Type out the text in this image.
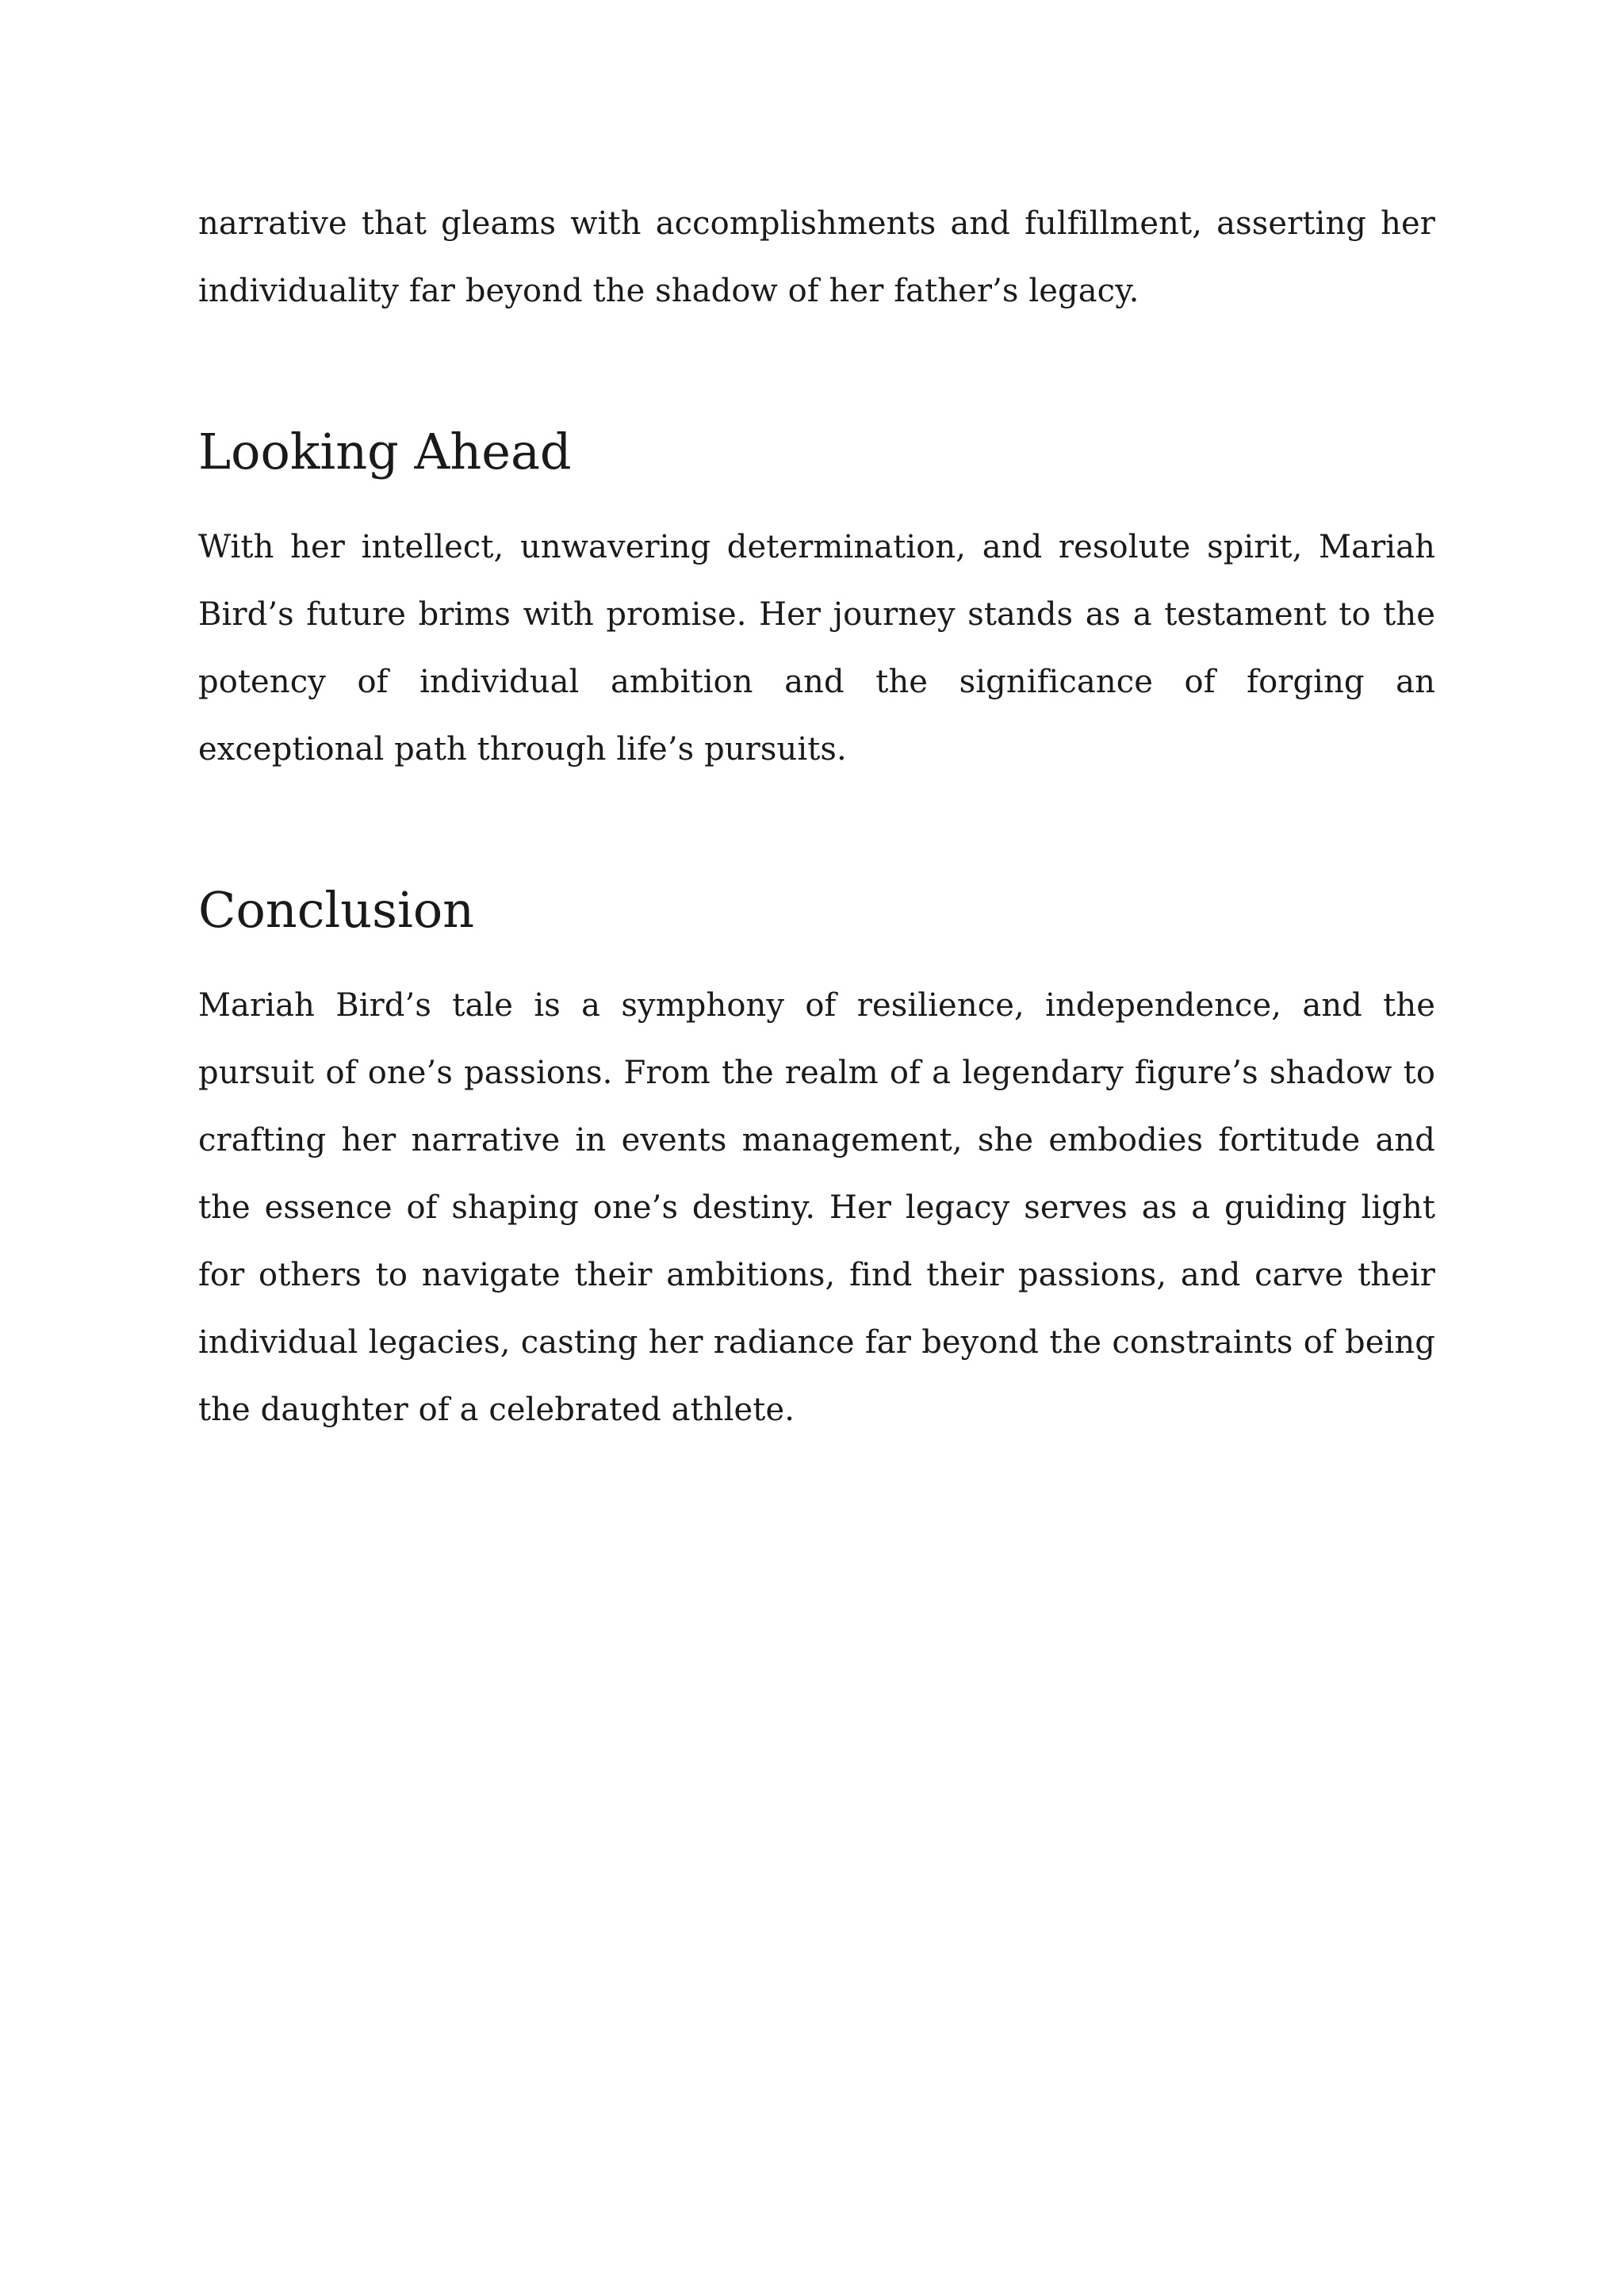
narrative that gleams with accomplishments and fulfillment, asserting her individuality far beyond the shadow of her father’s legacy.

Looking Ahead

With her intellect, unwavering determination, and resolute spirit, Mariah Bird’s future brims with promise. Her journey stands as a testament to the potency of individual ambition and the significance of forging an exceptional path through life’s pursuits.

Conclusion

Mariah Bird’s tale is a symphony of resilience, independence, and the pursuit of one’s passions. From the realm of a legendary figure’s shadow to crafting her narrative in events management, she embodies fortitude and the essence of shaping one’s destiny. Her legacy serves as a guiding light for others to navigate their ambitions, find their passions, and carve their individual legacies, casting her radiance far beyond the constraints of being the daughter of a celebrated athlete.
